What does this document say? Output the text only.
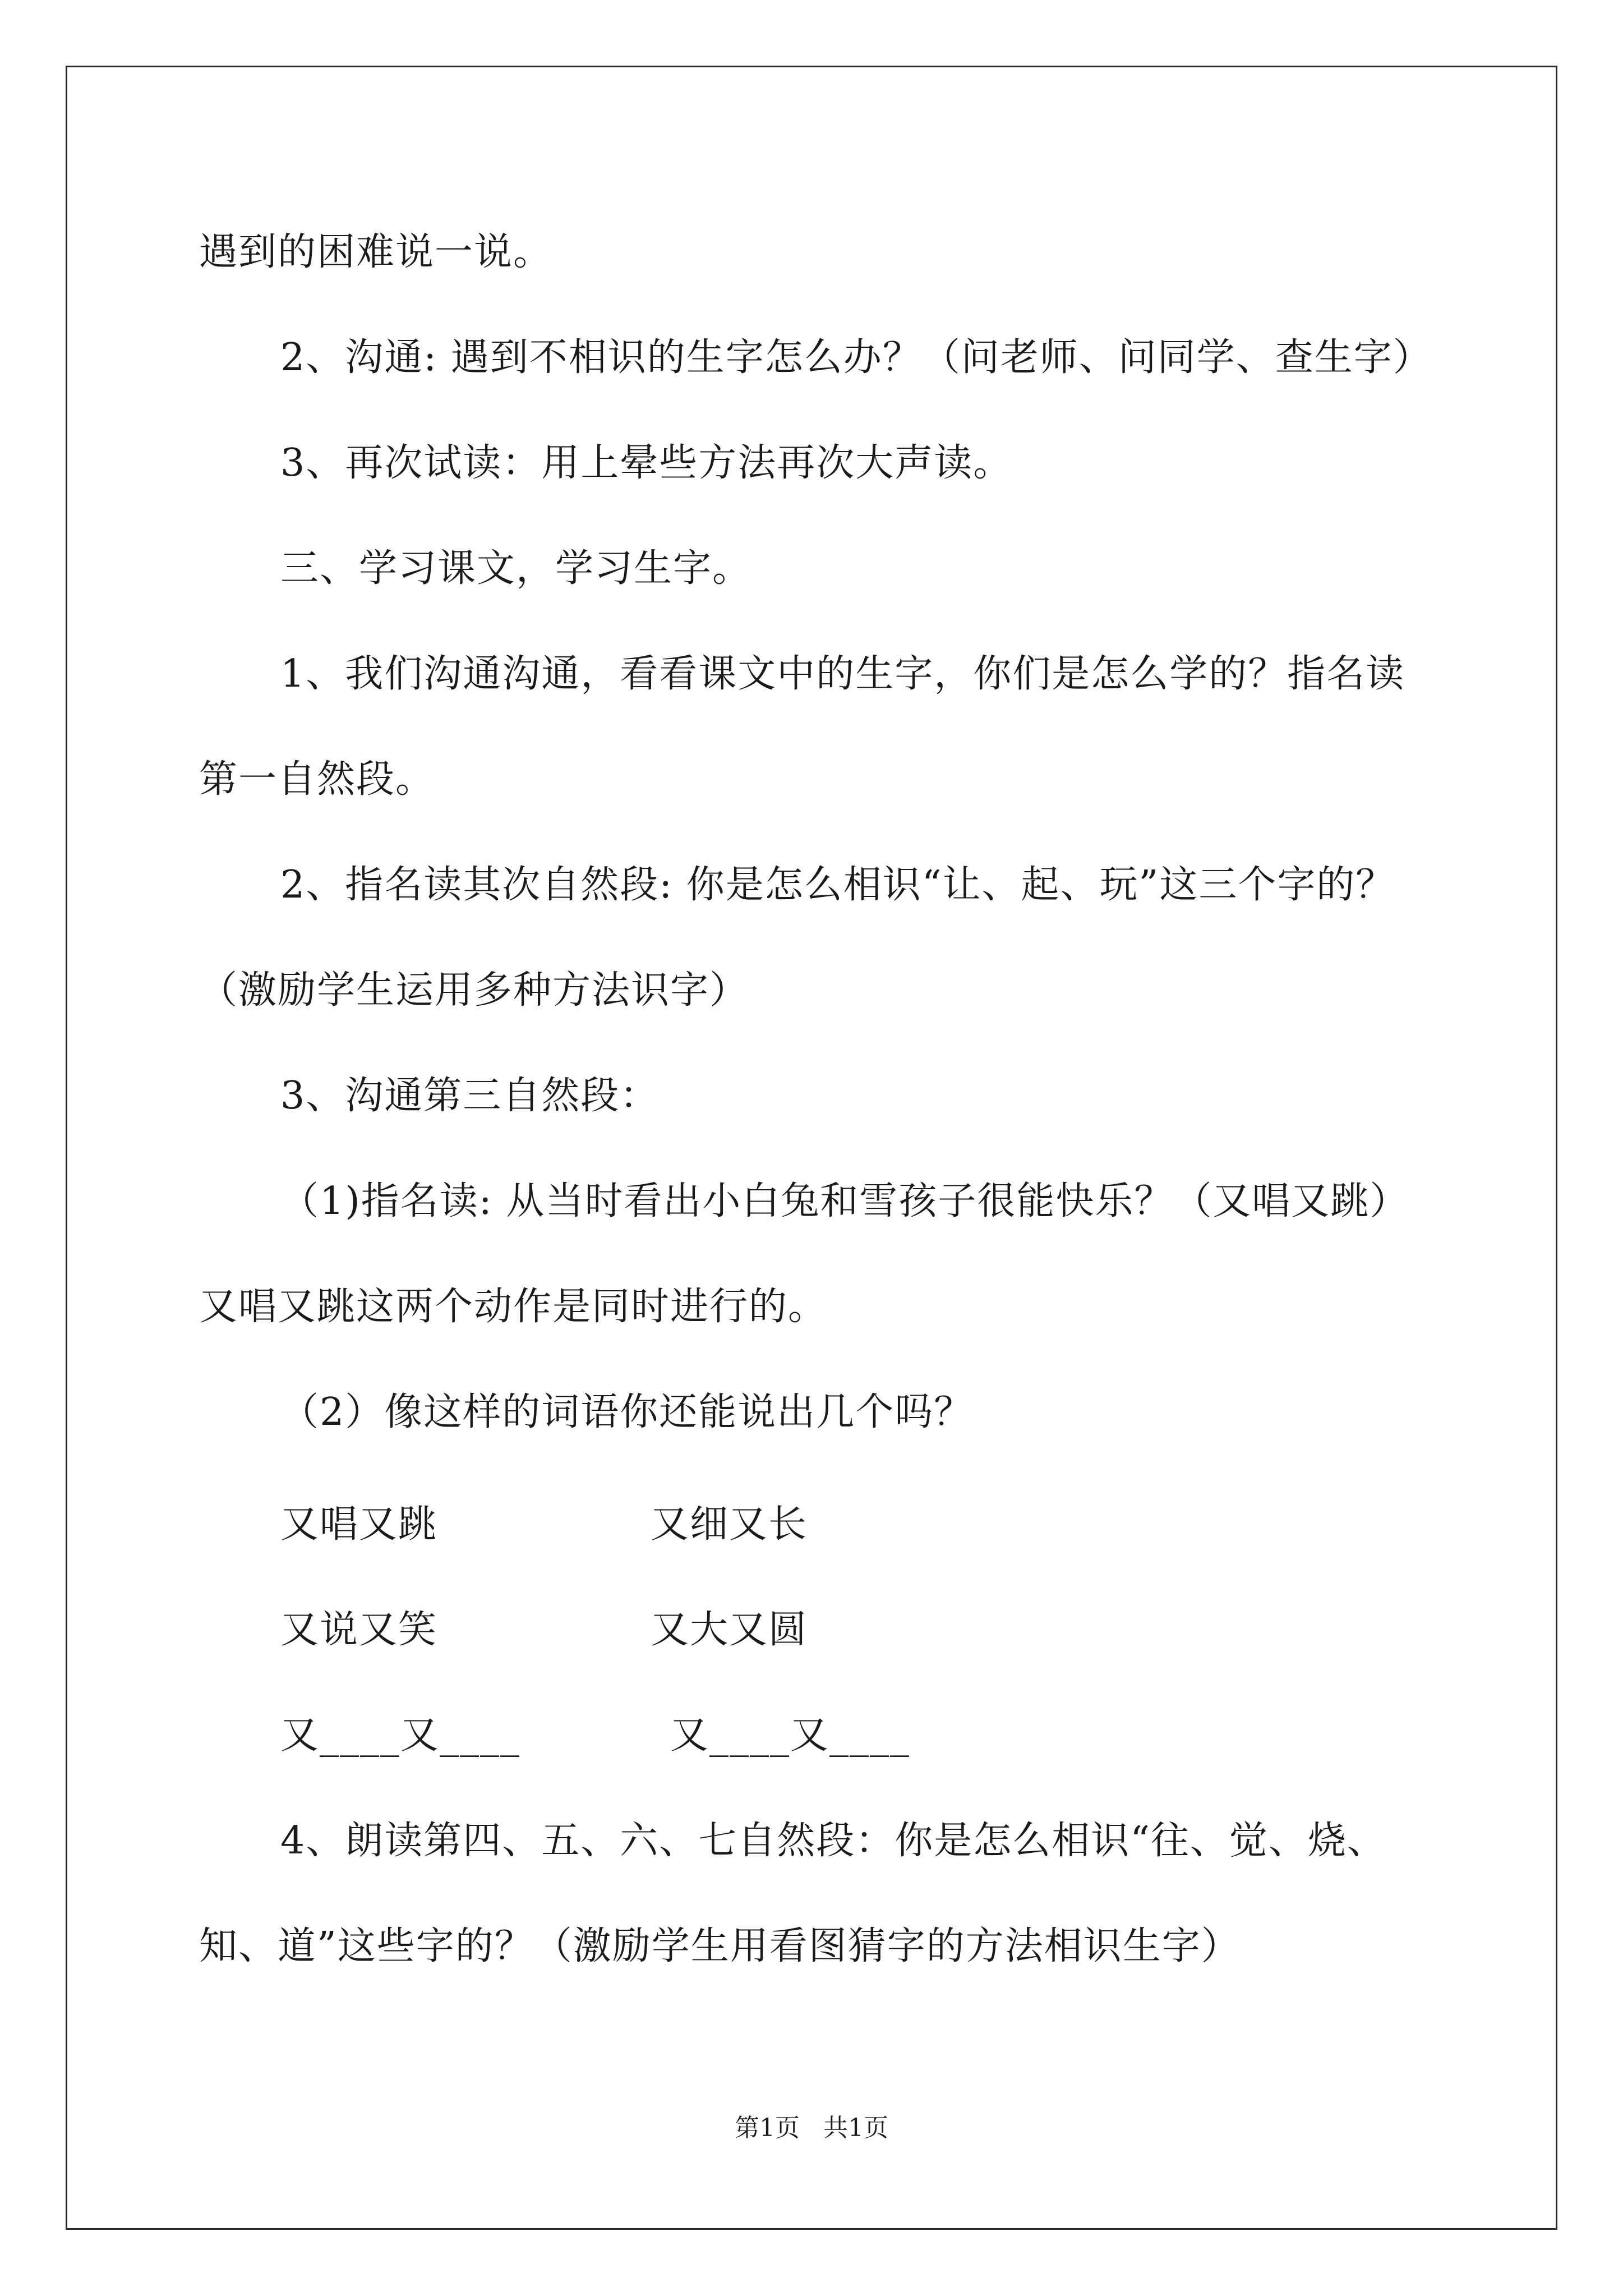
遇到的困难说一说。
2、沟通: 遇到不相识的生字怎么办？（问老师、问同学、查生字）
3、再次试读：用上晕些方法再次大声读。
三、学习课文，学习生字。
1、我们沟通沟通，看看课文中的生字，你们是怎么学的？指名读
第一自然段。
2、指名读其次自然段: 你是怎么相识“让、起、玩”这三个字的？
（激励学生运用多种方法识字）
3、沟通第三自然段：
（1)指名读: 从当时看出小白兔和雪孩子很能快乐？（又唱又跳）
又唱又跳这两个动作是同时进行的。
（2）像这样的词语你还能说出几个吗？
又唱又跳	又细又长
又说又笑	又大又圆
又____又____	又____又____
4、朗读第四、五、六、七自然段：你是怎么相识“往、觉、烧、
知、道”这些字的？（激励学生用看图猜字的方法相识生字）
第1页   共1页
